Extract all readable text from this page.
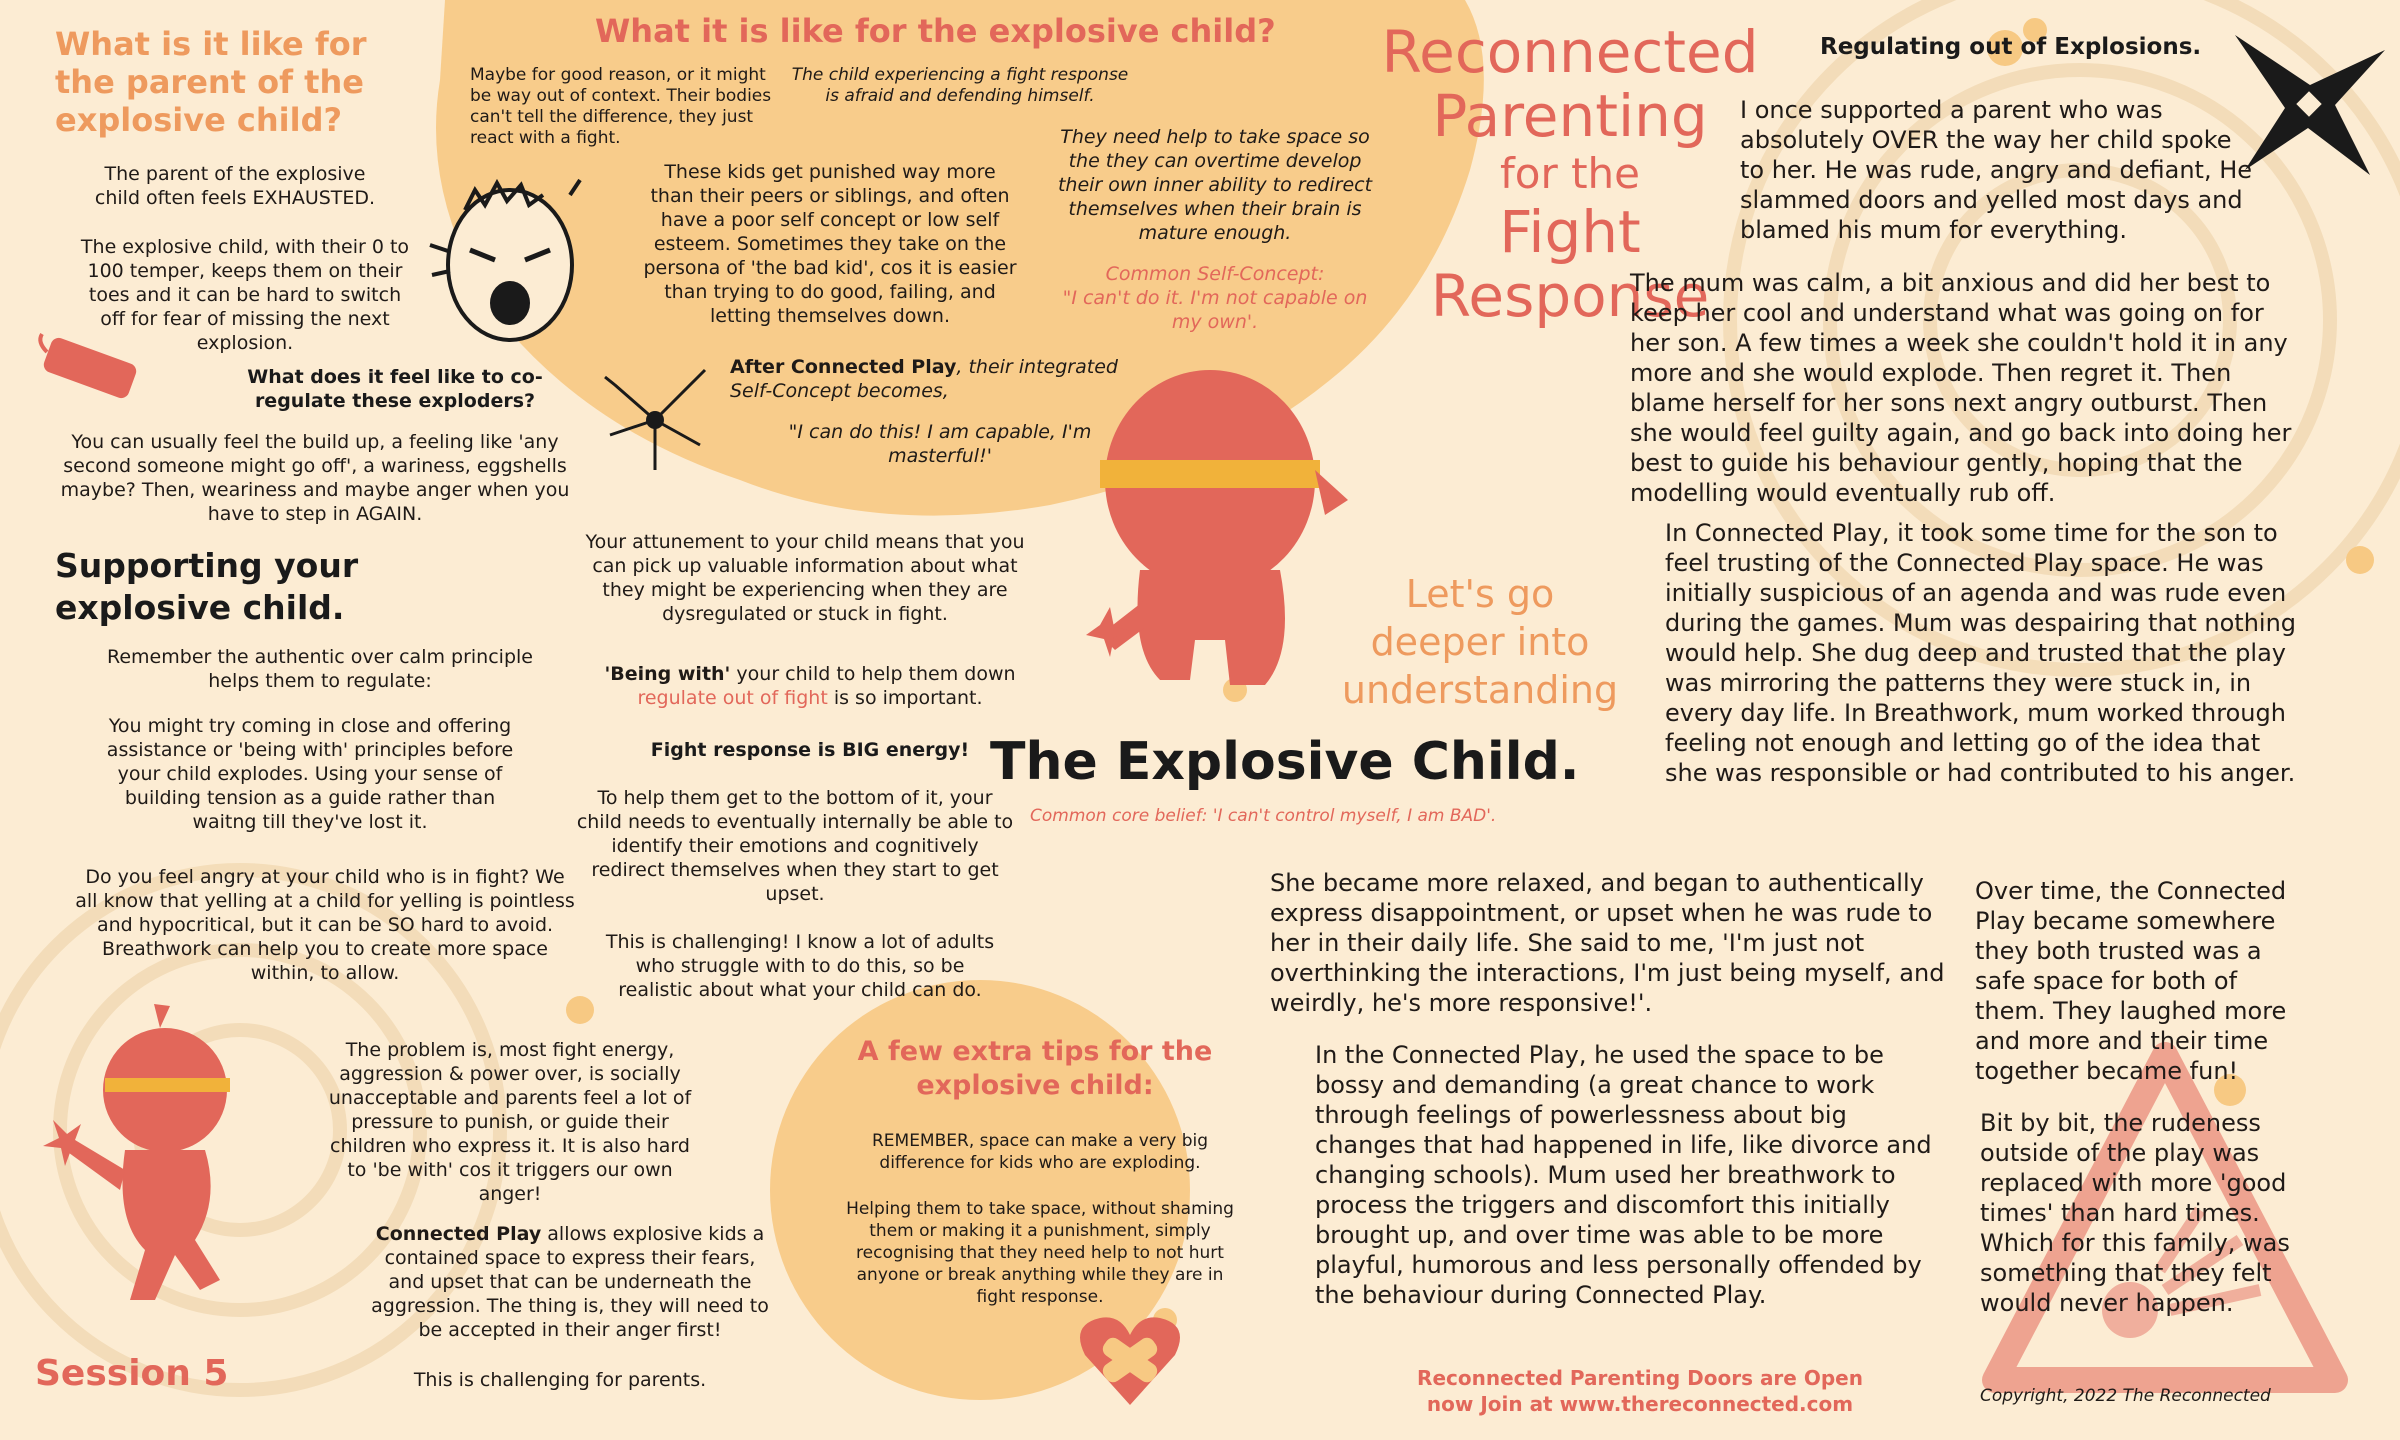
Reconnected
Parenting
for the
Fight
Response
What is it like for the parent of the explosive child?
The parent of the explosive child often feels EXHAUSTED.
The explosive child, with their 0 to 100 temper, keeps them on their toes and it can be hard to switch off for fear of missing the next explosion.
What does it feel like to co-regulate these exploders?
You can usually feel the build up, a feeling like 'any second someone might go off', a wariness, eggshells maybe? Then, weariness and maybe anger when you have to step in AGAIN.
What it is like for the explosive child?
Maybe for good reason, or it might be way out of context. Their bodies can't tell the difference, they just react with a fight.
The child experiencing a fight response is afraid and defending himself.
These kids get punished way more than their peers or siblings, and often have a poor self concept or low self esteem. Sometimes they take on the persona of 'the bad kid', cos it is easier than trying to do good, failing, and letting themselves down.
They need help to take space so the they can overtime develop their own inner ability to redirect themselves when their brain is mature enough.
Common Self-Concept:
"I can't do it. I'm not capable on my own'.
After Connected Play, their integrated Self-Concept becomes,
"I can do this! I am capable, I'm masterful!'
Supporting your explosive child.
Remember the authentic over calm principle helps them to regulate:
You might try coming in close and offering assistance or 'being with' principles before your child explodes. Using your sense of building tension as a guide rather than waitng till they've lost it.
Do you feel angry at your child who is in fight? We all know that yelling at a child for yelling is pointless and hypocritical, but it can be SO hard to avoid. Breathwork can help you to create more space within, to allow.
The problem is, most fight energy, aggression & power over, is socially unacceptable and parents feel a lot of pressure to punish, or guide their children who express it. It is also hard to 'be with' cos it triggers our own anger!
Connected Play allows explosive kids a contained space to express their fears, and upset that can be underneath the aggression. The thing is, they will need to be accepted in their anger first!
This is challenging for parents.
Your attunement to your child means that you can pick up valuable information about what they might be experiencing when they are dysregulated or stuck in fight.
'Being with' your child to help them down
regulate out of fight is so important.
Fight response is BIG energy!
To help them get to the bottom of it, your child needs to eventually internally be able to identify their emotions and cognitively redirect themselves when they start to get upset.
This is challenging! I know a lot of adults who struggle with to do this, so be realistic about what your child can do.
Let's go
deeper into
understanding
The Explosive Child.
Common core belief: 'I can't control myself, I am BAD'.
A few extra tips for the explosive child:
REMEMBER, space can make a very big difference for kids who are exploding.
Helping them to take space, without shaming them or making it a punishment, simply recognising that they need help to not hurt anyone or break anything while they are in fight response.
Regulating out of Explosions.
I once supported a parent who was absolutely OVER the way her child spoke to her. He was rude, angry and defiant, He slammed doors and yelled most days and blamed his mum for everything.
The mum was calm, a bit anxious and did her best to keep her cool and understand what was going on for her son. A few times a week she couldn't hold it in any more and she would explode. Then regret it. Then blame herself for her sons next angry outburst. Then she would feel guilty again, and go back into doing her best to guide his behaviour gently, hoping that the modelling would eventually rub off.
In Connected Play, it took some time for the son to feel trusting of the Connected Play space. He was initially suspicious of an agenda and was rude even during the games. Mum was despairing that nothing would help. She dug deep and trusted that the play was mirroring the patterns they were stuck in, in every day life. In Breathwork, mum worked through feeling not enough and letting go of the idea that she was responsible or had contributed to his anger.
She became more relaxed, and began to authentically express disappointment, or upset when he was rude to her in their daily life. She said to me, 'I'm just not overthinking the interactions, I'm just being myself, and weirdly, he's more responsive!'.
In the Connected Play, he used the space to be bossy and demanding (a great chance to work through feelings of powerlessness about big changes that had happened in life, like divorce and changing schools). Mum used her breathwork to process the triggers and discomfort this initially brought up, and over time was able to be more playful, humorous and less personally offended by the behaviour during Connected Play.
Over time, the Connected Play became somewhere they both trusted was a safe space for both of them. They laughed more and more and their time together became fun!
Bit by bit, the rudeness outside of the play was replaced with more 'good times' than hard times. Which for this family, was something that they felt would never happen.
Session 5	Reconnected Parenting Doors are Open
now Join at www.thereconnected.com	Copyright, 2022 The Reconnected
